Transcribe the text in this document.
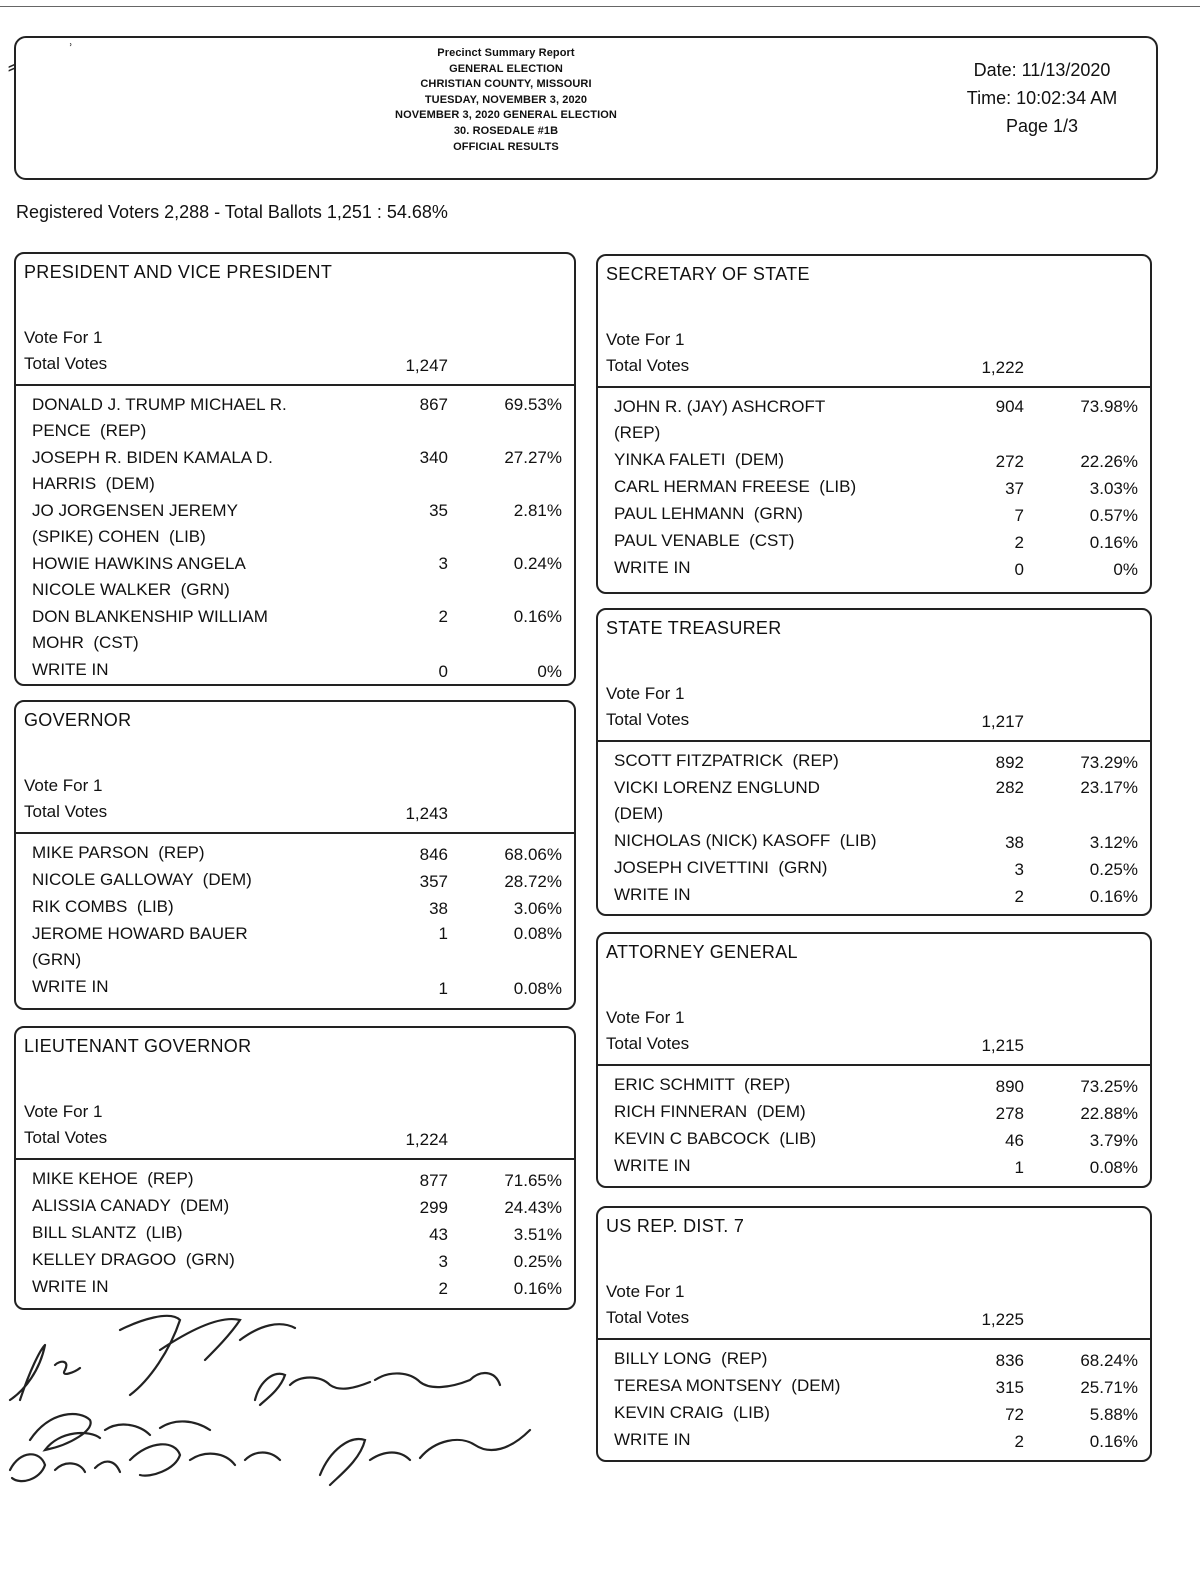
⸗
ʾ	Precinct Summary Report
GENERAL ELECTION
CHRISTIAN COUNTY, MISSOURI
TUESDAY, NOVEMBER 3, 2020
NOVEMBER 3, 2020 GENERAL ELECTION
30. ROSEDALE #1B
OFFICIAL RESULTS
Date: 11/13/2020
Time: 10:02:34 AM
Page 1/3
Registered Voters 2,288 - Total Ballots 1,251 : 54.68%
PRESIDENT AND VICE PRESIDENT
Vote For 1
Total Votes	1,247
DONALD J. TRUMP MICHAEL R.
PENCE  (REP)
867	69.53%
JOSEPH R. BIDEN KAMALA D.
HARRIS  (DEM)
340	27.27%
JO JORGENSEN JEREMY
(SPIKE) COHEN  (LIB)
35	2.81%
HOWIE HAWKINS ANGELA
NICOLE WALKER  (GRN)
3	0.24%
DON BLANKENSHIP WILLIAM
MOHR  (CST)
2	0.16%
WRITE IN	0	0%
GOVERNOR
Vote For 1
Total Votes	1,243
MIKE PARSON  (REP)	846	68.06%
NICOLE GALLOWAY  (DEM)	357	28.72%
RIK COMBS  (LIB)	38	3.06%
JEROME HOWARD BAUER
(GRN)
1	0.08%
WRITE IN	1	0.08%
LIEUTENANT GOVERNOR
Vote For 1
Total Votes	1,224
MIKE KEHOE  (REP)	877	71.65%
ALISSIA CANADY  (DEM)	299	24.43%
BILL SLANTZ  (LIB)	43	3.51%
KELLEY DRAGOO  (GRN)	3	0.25%
WRITE IN	2	0.16%
SECRETARY OF STATE
Vote For 1
Total Votes	1,222
JOHN R. (JAY) ASHCROFT
(REP)
904	73.98%
YINKA FALETI  (DEM)	272	22.26%
CARL HERMAN FREESE  (LIB)	37	3.03%
PAUL LEHMANN  (GRN)	7	0.57%
PAUL VENABLE  (CST)	2	0.16%
WRITE IN	0	0%
STATE TREASURER
Vote For 1
Total Votes	1,217
SCOTT FITZPATRICK  (REP)	892	73.29%
VICKI LORENZ ENGLUND
(DEM)
282	23.17%
NICHOLAS (NICK) KASOFF  (LIB)	38	3.12%
JOSEPH CIVETTINI  (GRN)	3	0.25%
WRITE IN	2	0.16%
ATTORNEY GENERAL
Vote For 1
Total Votes	1,215
ERIC SCHMITT  (REP)	890	73.25%
RICH FINNERAN  (DEM)	278	22.88%
KEVIN C BABCOCK  (LIB)	46	3.79%
WRITE IN	1	0.08%
US REP. DIST. 7
Vote For 1
Total Votes	1,225
BILLY LONG  (REP)	836	68.24%
TERESA MONTSENY  (DEM)	315	25.71%
KEVIN CRAIG  (LIB)	72	5.88%
WRITE IN	2	0.16%
